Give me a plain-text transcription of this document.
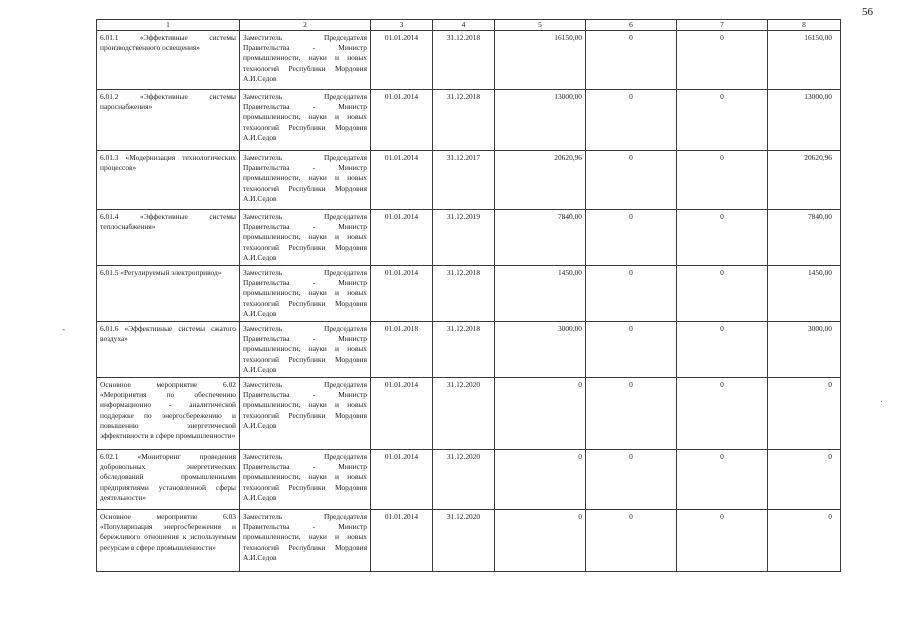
56
-
.
1	2	3	4	5	6	7	8
6.01.1 «Эффективные системы производственного освещения»	Заместитель Председателя Правительства - Министр промышленности, науки и новых технологий Республики Мордовия А.И.Седов	01.01.2014	31.12.2018	16150,00	0	0	16150,00
6.01.2 «Эффективные системы пароснабжения»	Заместитель Председателя Правительства - Министр промышленности, науки и новых технологий Республики Мордовия А.И.Седов	01.01.2014	31.12.2018	13000,00	0	0	13000,00
6.01.3 «Модернизация технологических процессов»	Заместитель Председателя Правительства - Министр промышленности, науки и новых технологий Республики Мордовия А.И.Седов	01.01.2014	31.12.2017	20620,96	0	0	20620,96
6.01.4 «Эффективные системы теплоснабжения»	Заместитель Председателя Правительства - Министр промышленности, науки и новых технологий Республики Мордовия А.И.Седов	01.01.2014	31.12.2019	7840,00	0	0	7840,00
6.01.5 «Регулируемый электропривод»	Заместитель Председателя Правительства - Министр промышленности, науки и новых технологий Республики Мордовия А.И.Седов	01.01.2014	31.12.2018	1450,00	0	0	1450,00
6.01.6 «Эффективные системы сжатого воздуха»	Заместитель Председателя Правительства - Министр промышленности, науки и новых технологий Республики Мордовия А.И.Седов	01.01.2018	31.12.2018	3000,00	0	0	3000,00
Основное мероприятие 6.02 «Мероприятия по обеспечению информационно - аналитической поддержке по энергосбережению и повышению энергетической эффективности в сфере промышленности»	Заместитель Председателя Правительства - Министр промышленности, науки и новых технологий Республики Мордовия А.И.Седов	01.01.2014	31.12.2020	0	0	0	0
6.02.1 «Мониторинг проведения добровольных энергетических обследований промышленными предприятиями установленной сферы деятельности»	Заместитель Председателя Правительства - Министр промышленности, науки и новых технологий Республики Мордовия А.И.Седов	01.01.2014	31.12.2020	0	0	0	0
Основное мероприятие 6.03 «Популяризация энергосбережения и бережливого отношения к используемым ресурсам в сфере промышленности»	Заместитель Председателя Правительства - Министр промышленности, науки и новых технологий Республики Мордовия А.И.Седов	01.01.2014	31.12.2020	0	0	0	0
